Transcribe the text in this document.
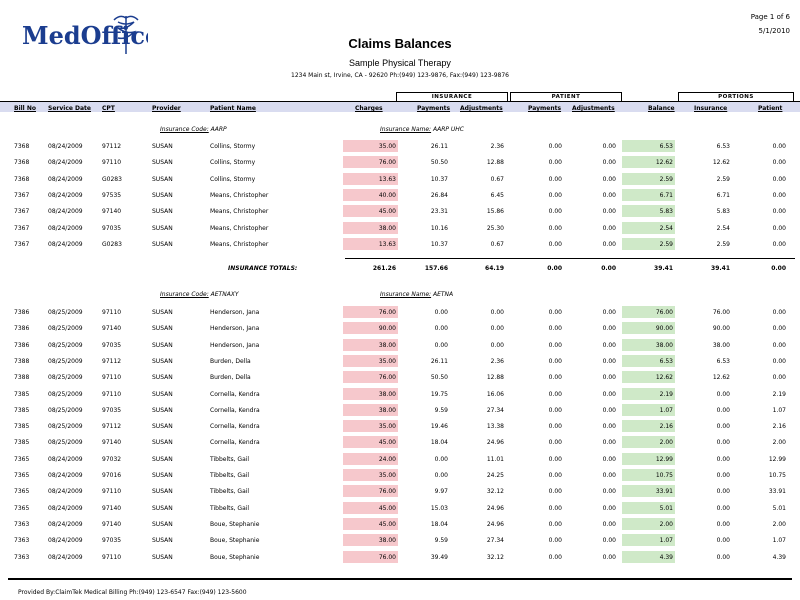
MedOffice
Page 1 of 6
5/1/2010
Claims Balances
Sample Physical Therapy
1234 Main st, Irvine, CA - 92620 Ph:(949) 123-9876, Fax:(949) 123-9876
INSURANCE	PATIENT	PORTIONS
Bill No Service Date CPT	Provider	Patient Name	Charges	Payments Adjustments	Payments Adjustments	Balance	Insurance	Patient
Insurance Code: AARP	Insurance Name: AARP UHC
7368	08/24/2009	97112	SUSAN	Collins, Stormy	35.00	26.11	2.36	0.00	0.00	6.53	6.53	0.00
7368	08/24/2009	97110	SUSAN	Collins, Stormy	76.00	50.50	12.88	0.00	0.00	12.62	12.62	0.00
7368	08/24/2009	G0283	SUSAN	Collins, Stormy	13.63	10.37	0.67	0.00	0.00	2.59	2.59	0.00
7367	08/24/2009	97535	SUSAN	Means, Christopher	40.00	26.84	6.45	0.00	0.00	6.71	6.71	0.00
7367	08/24/2009	97140	SUSAN	Means, Christopher	45.00	23.31	15.86	0.00	0.00	5.83	5.83	0.00
7367	08/24/2009	97035	SUSAN	Means, Christopher	38.00	10.16	25.30	0.00	0.00	2.54	2.54	0.00
7367	08/24/2009	G0283	SUSAN	Means, Christopher	13.63	10.37	0.67	0.00	0.00	2.59	2.59	0.00
INSURANCE TOTALS:	261.26	157.66	64.19	0.00	0.00	39.41	39.41	0.00
Insurance Code: AETNAXY	Insurance Name: AETNA
7386	08/25/2009	97110	SUSAN	Henderson, Jana	76.00	0.00	0.00	0.00	0.00	76.00	76.00	0.00
7386	08/25/2009	97140	SUSAN	Henderson, Jana	90.00	0.00	0.00	0.00	0.00	90.00	90.00	0.00
7386	08/25/2009	97035	SUSAN	Henderson, Jana	38.00	0.00	0.00	0.00	0.00	38.00	38.00	0.00
7388	08/25/2009	97112	SUSAN	Burden, Della	35.00	26.11	2.36	0.00	0.00	6.53	6.53	0.00
7388	08/25/2009	97110	SUSAN	Burden, Della	76.00	50.50	12.88	0.00	0.00	12.62	12.62	0.00
7385	08/25/2009	97110	SUSAN	Cornella, Kendra	38.00	19.75	16.06	0.00	0.00	2.19	0.00	2.19
7385	08/25/2009	97035	SUSAN	Cornella, Kendra	38.00	9.59	27.34	0.00	0.00	1.07	0.00	1.07
7385	08/25/2009	97112	SUSAN	Cornella, Kendra	35.00	19.46	13.38	0.00	0.00	2.16	0.00	2.16
7385	08/25/2009	97140	SUSAN	Cornella, Kendra	45.00	18.04	24.96	0.00	0.00	2.00	0.00	2.00
7365	08/24/2009	97032	SUSAN	Tibbelts, Gail	24.00	0.00	11.01	0.00	0.00	12.99	0.00	12.99
7365	08/24/2009	97016	SUSAN	Tibbelts, Gail	35.00	0.00	24.25	0.00	0.00	10.75	0.00	10.75
7365	08/24/2009	97110	SUSAN	Tibbelts, Gail	76.00	9.97	32.12	0.00	0.00	33.91	0.00	33.91
7365	08/24/2009	97140	SUSAN	Tibbelts, Gail	45.00	15.03	24.96	0.00	0.00	5.01	0.00	5.01
7363	08/24/2009	97140	SUSAN	Boue, Stephanie	45.00	18.04	24.96	0.00	0.00	2.00	0.00	2.00
7363	08/24/2009	97035	SUSAN	Boue, Stephanie	38.00	9.59	27.34	0.00	0.00	1.07	0.00	1.07
7363	08/24/2009	97110	SUSAN	Boue, Stephanie	76.00	39.49	32.12	0.00	0.00	4.39	0.00	4.39
Provided By:ClaimTek Medical Billing Ph:(949) 123-6547 Fax:(949) 123-5600
